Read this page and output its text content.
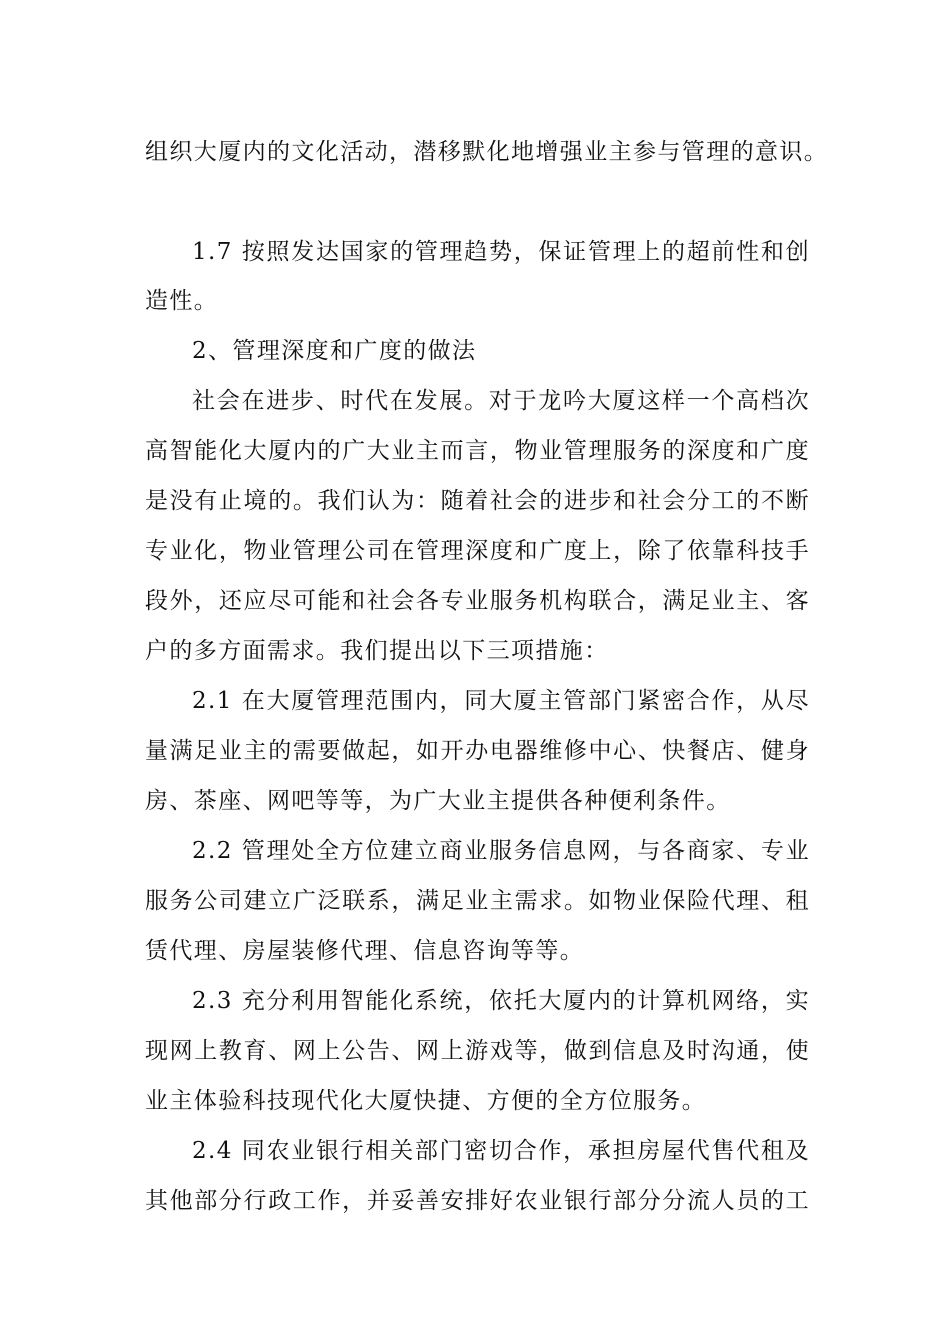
组织大厦内的文化活动，潜移默化地增强业主参与管理的意识。
1.7 按照发达国家的管理趋势，保证管理上的超前性和创
造性。
2、管理深度和广度的做法
社会在进步、时代在发展。对于龙吟大厦这样一个高档次
高智能化大厦内的广大业主而言，物业管理服务的深度和广度
是没有止境的。我们认为：随着社会的进步和社会分工的不断
专业化，物业管理公司在管理深度和广度上，除了依靠科技手
段外，还应尽可能和社会各专业服务机构联合，满足业主、客
户的多方面需求。我们提出以下三项措施：
2.1 在大厦管理范围内，同大厦主管部门紧密合作，从尽
量满足业主的需要做起，如开办电器维修中心、快餐店、健身
房、茶座、网吧等等，为广大业主提供各种便利条件。
2.2 管理处全方位建立商业服务信息网，与各商家、专业
服务公司建立广泛联系，满足业主需求。如物业保险代理、租
赁代理、房屋装修代理、信息咨询等等。
2.3 充分利用智能化系统，依托大厦内的计算机网络，实
现网上教育、网上公告、网上游戏等，做到信息及时沟通，使
业主体验科技现代化大厦快捷、方便的全方位服务。
2.4 同农业银行相关部门密切合作，承担房屋代售代租及
其他部分行政工作，并妥善安排好农业银行部分分流人员的工
